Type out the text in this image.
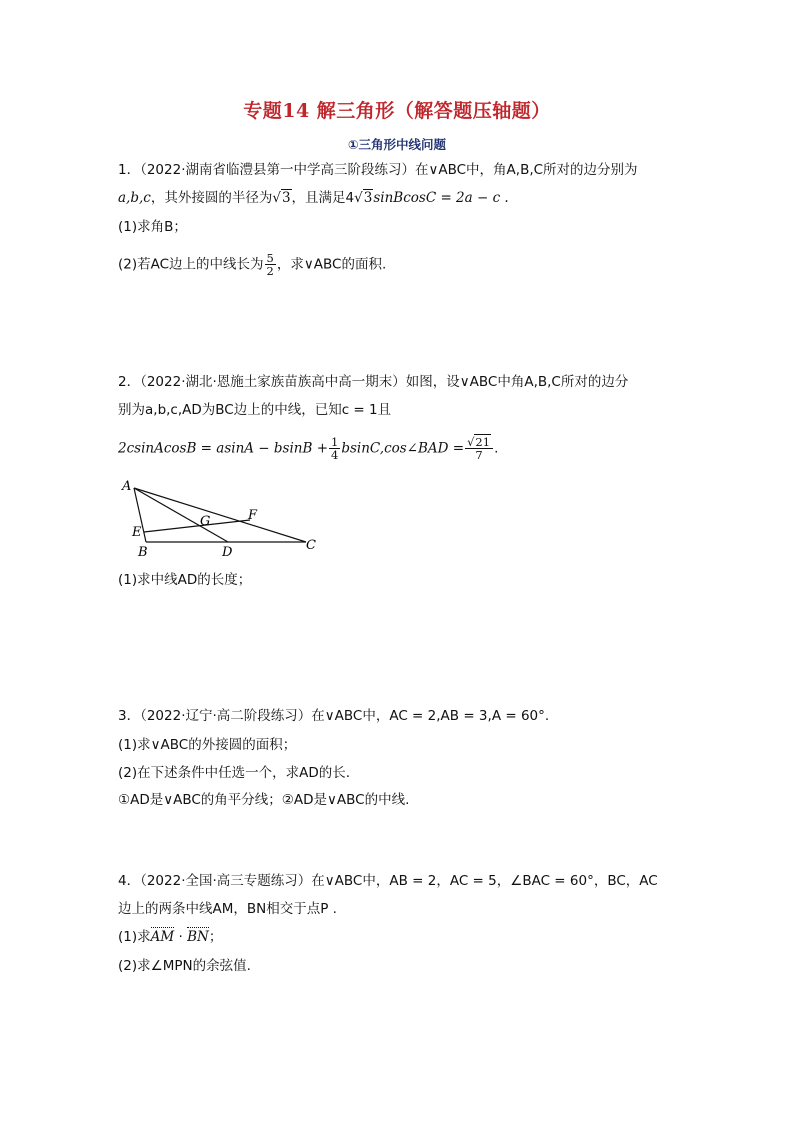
专题14 解三角形（解答题压轴题）
①三角形中线问题
1．（2022·湖南省临澧县第一中学高三阶段练习）在∨ABC中，角A,B,C所对的边分别为
a,b,c，其外接圆的半径为√3，且满足4√3sinBcosC = 2a − c .
(1)求角B；
(2)若AC边上的中线长为 $\frac{5}{2}$ ，求∨ABC的面积.
2．（2022·湖北·恩施土家族苗族高中高一期末）如图，设∨ABC中角A,B,C所对的边分
别为a,b,c,AD为BC边上的中线，已知c = 1且
2csinAcosB = $asinA - bsinB + \frac{1}{4}$ bsinC,cos∠BAD = $\frac{√21}{7}$ .
A
E
B
G	F
D	C
(1)求中线AD的长度；
3．（2022·辽宁·高二阶段练习）在∨ABC中，AC = 2,AB = 3,A = 60°.
(1)求∨ABC的外接圆的面积；
(2)在下述条件中任选一个，求AD的长.
①AD是∨ABC的角平分线；②AD是∨ABC的中线.
4．（2022·全国·高三专题练习）在∨ABC中，AB = 2，AC = 5，∠BAC = 60°，BC，AC
边上的两条中线AM，BN相交于点P .
(1)求AM · BN；
(2)求∠MPN的余弦值.
